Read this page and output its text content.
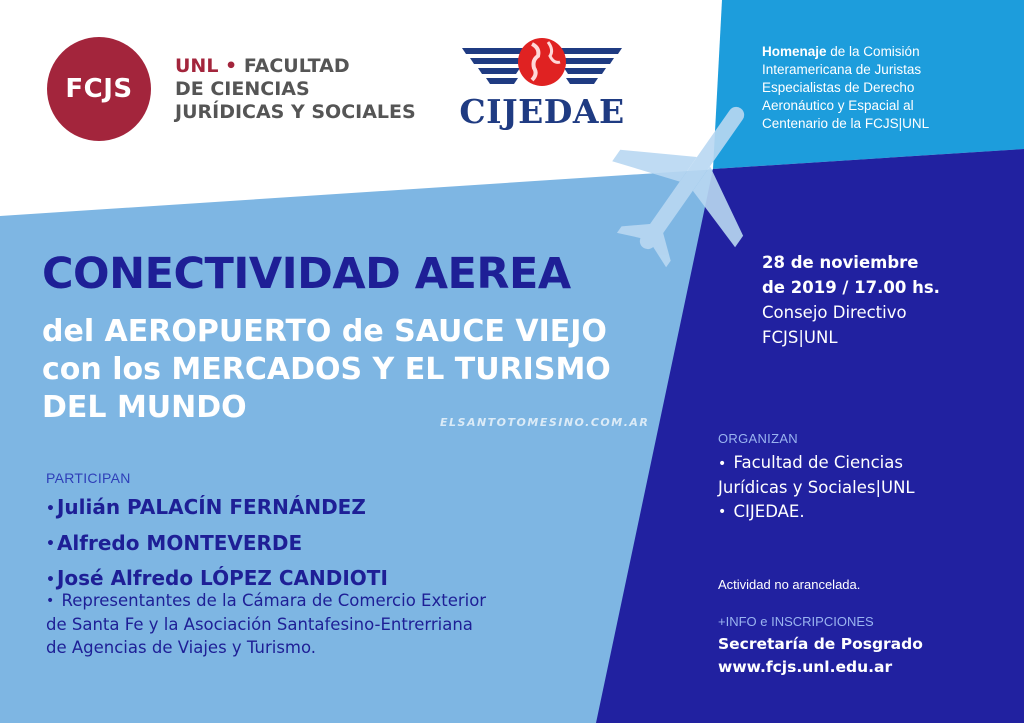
FCJS
UNL • FACULTAD
DE CIENCIAS
JURÍDICAS Y SOCIALES CIJEDAE
Homenaje de la Comisión
Interamericana de Juristas
Especialistas de Derecho
Aeronáutico y Espacial al
Centenario de la FCJS|UNL
CONECTIVIDAD AEREA
del AEROPUERTO de SAUCE VIEJO
con los MERCADOS Y EL TURISMO
DEL MUNDO	ELSANTOTOMESINO.COM.AR
PARTICIPAN
• Julián PALACÍN FERNÁNDEZ
• Alfredo MONTEVERDE
• José Alfredo LÓPEZ CANDIOTI
• Representantes de la Cámara de Comercio Exterior
de Santa Fe y la Asociación Santafesino-Entrerriana
de Agencias de Viajes y Turismo.
28 de noviembre
de 2019 / 17.00 hs.
Consejo Directivo
FCJS|UNL
ORGANIZAN
• Facultad de Ciencias
Jurídicas y Sociales|UNL
• CIJEDAE.
Actividad no arancelada.
+INFO e INSCRIPCIONES
Secretaría de Posgrado
www.fcjs.unl.edu.ar
